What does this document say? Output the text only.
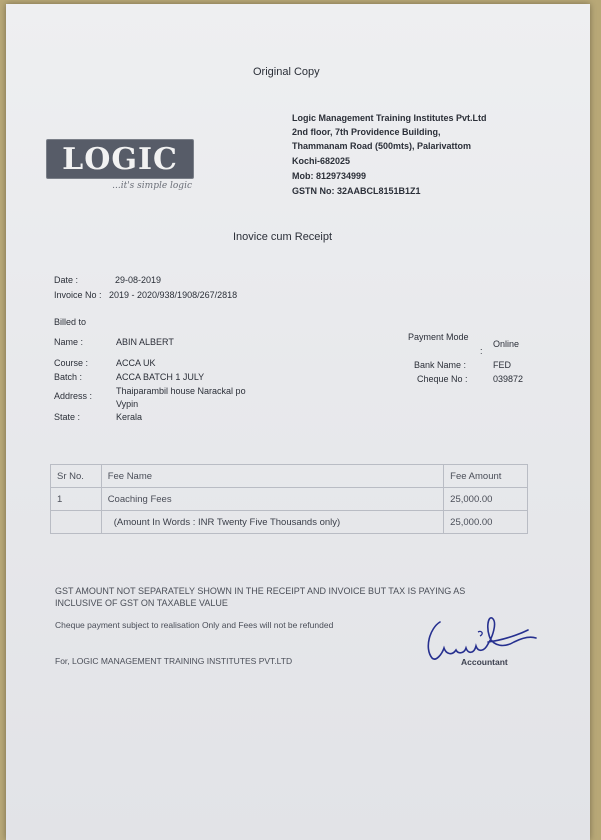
Original Copy
LOGIC
...it's simple logic
Logic Management Training Institutes Pvt.Ltd
2nd floor, 7th Providence Building,
Thammanam Road (500mts), Palarivattom
Kochi-682025
Mob: 8129734999
GSTN No: 32AABCL8151B1Z1
Inovice cum Receipt
Date :	29-08-2019
Invoice No : 2019 - 2020/938/1908/267/2818
Billed to
Name :	ABIN ALBERT
Course :	ACCA UK
Batch :	ACCA BATCH 1 JULY
Address :	Thaiparambil house Narackal po
Vypin
State :	Kerala
Payment Mode
:
Online
Bank Name :	FED
Cheque No :	039872
Sr No.	Fee Name	Fee Amount
1	Coaching Fees	25,000.00
	(Amount In Words : INR Twenty Five Thousands only)	25,000.00
GST AMOUNT NOT SEPARATELY SHOWN IN THE RECEIPT AND INVOICE BUT TAX IS PAYING AS
INCLUSIVE OF GST ON TAXABLE VALUE
Cheque payment subject to realisation Only and Fees will not be refunded
For, LOGIC MANAGEMENT TRAINING INSTITUTES PVT.LTD	Accountant
